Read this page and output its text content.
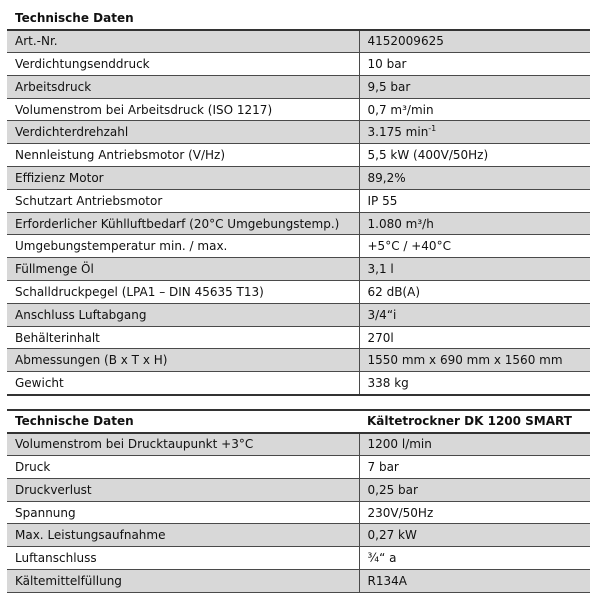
Technische Daten	
Art.-Nr.	4152009625
Verdichtungsenddruck	10 bar
Arbeitsdruck	9,5 bar
Volumenstrom bei Arbeitsdruck (ISO 1217)	0,7 m³/min
Verdichterdrehzahl	3.175 $\min^{-1}$
Nennleistung Antriebsmotor (V/Hz)	5,5 kW (400V/50Hz)
Effizienz Motor	89,2%
Schutzart Antriebsmotor	IP 55
Erforderlicher Kühlluftbedarf (20°C Umgebungstemp.)	1.080 m³/h
Umgebungstemperatur min. / max.	+5°C / +40°C
Füllmenge Öl	3,1 l
Schalldruckpegel (LPA1 – DIN 45635 T13)	62 dB(A)
Anschluss Luftabgang	3/4“i
Behälterinhalt	270l
Abmessungen (B x T x H)	1550 mm x 690 mm x 1560 mm
Gewicht	338 kg
Technische Daten	Kältetrockner DK 1200 SMART
Volumenstrom bei Drucktaupunkt +3°C	1200 l/min
Druck	7 bar
Druckverlust	0,25 bar
Spannung	230V/50Hz
Max. Leistungsaufnahme	0,27 kW
Luftanschluss	¾“ a
Kältemittelfüllung	R134A
